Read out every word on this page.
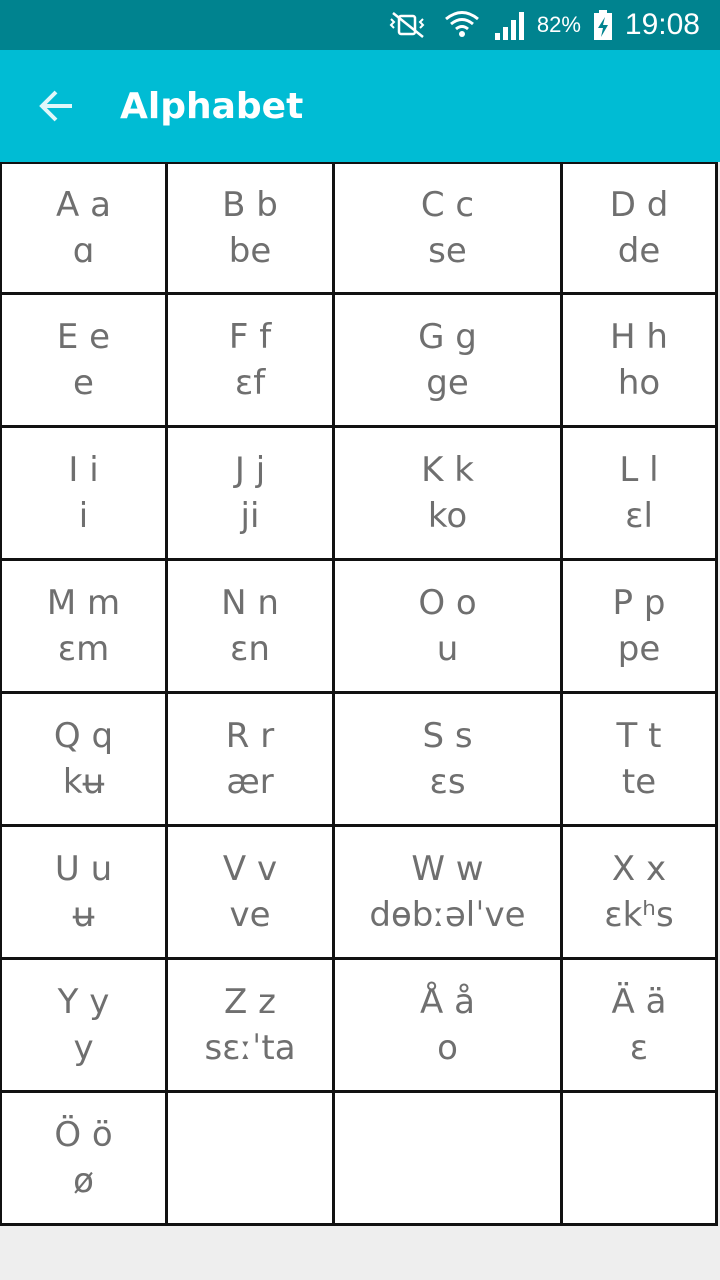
82% 19:08
Alphabet
A a
ɑ
B b
be
C c
se
D d
de
E e
e
F f
ɛf
G g
ge
H h
ho
I i
i
J j
ji
K k
ko
L l
ɛl
M m
ɛm
N n
ɛn
O o
u
P p
pe
Q q
kʉ
R r
ær
S s
ɛs
T t
te
U u
ʉ
V v
ve
W w
dɵbːəlˈve
X x
ɛkʰs
Y y
y
Z z
sɛːˈta
Å å
o
Ä ä
ɛ
Ö ö
ø
